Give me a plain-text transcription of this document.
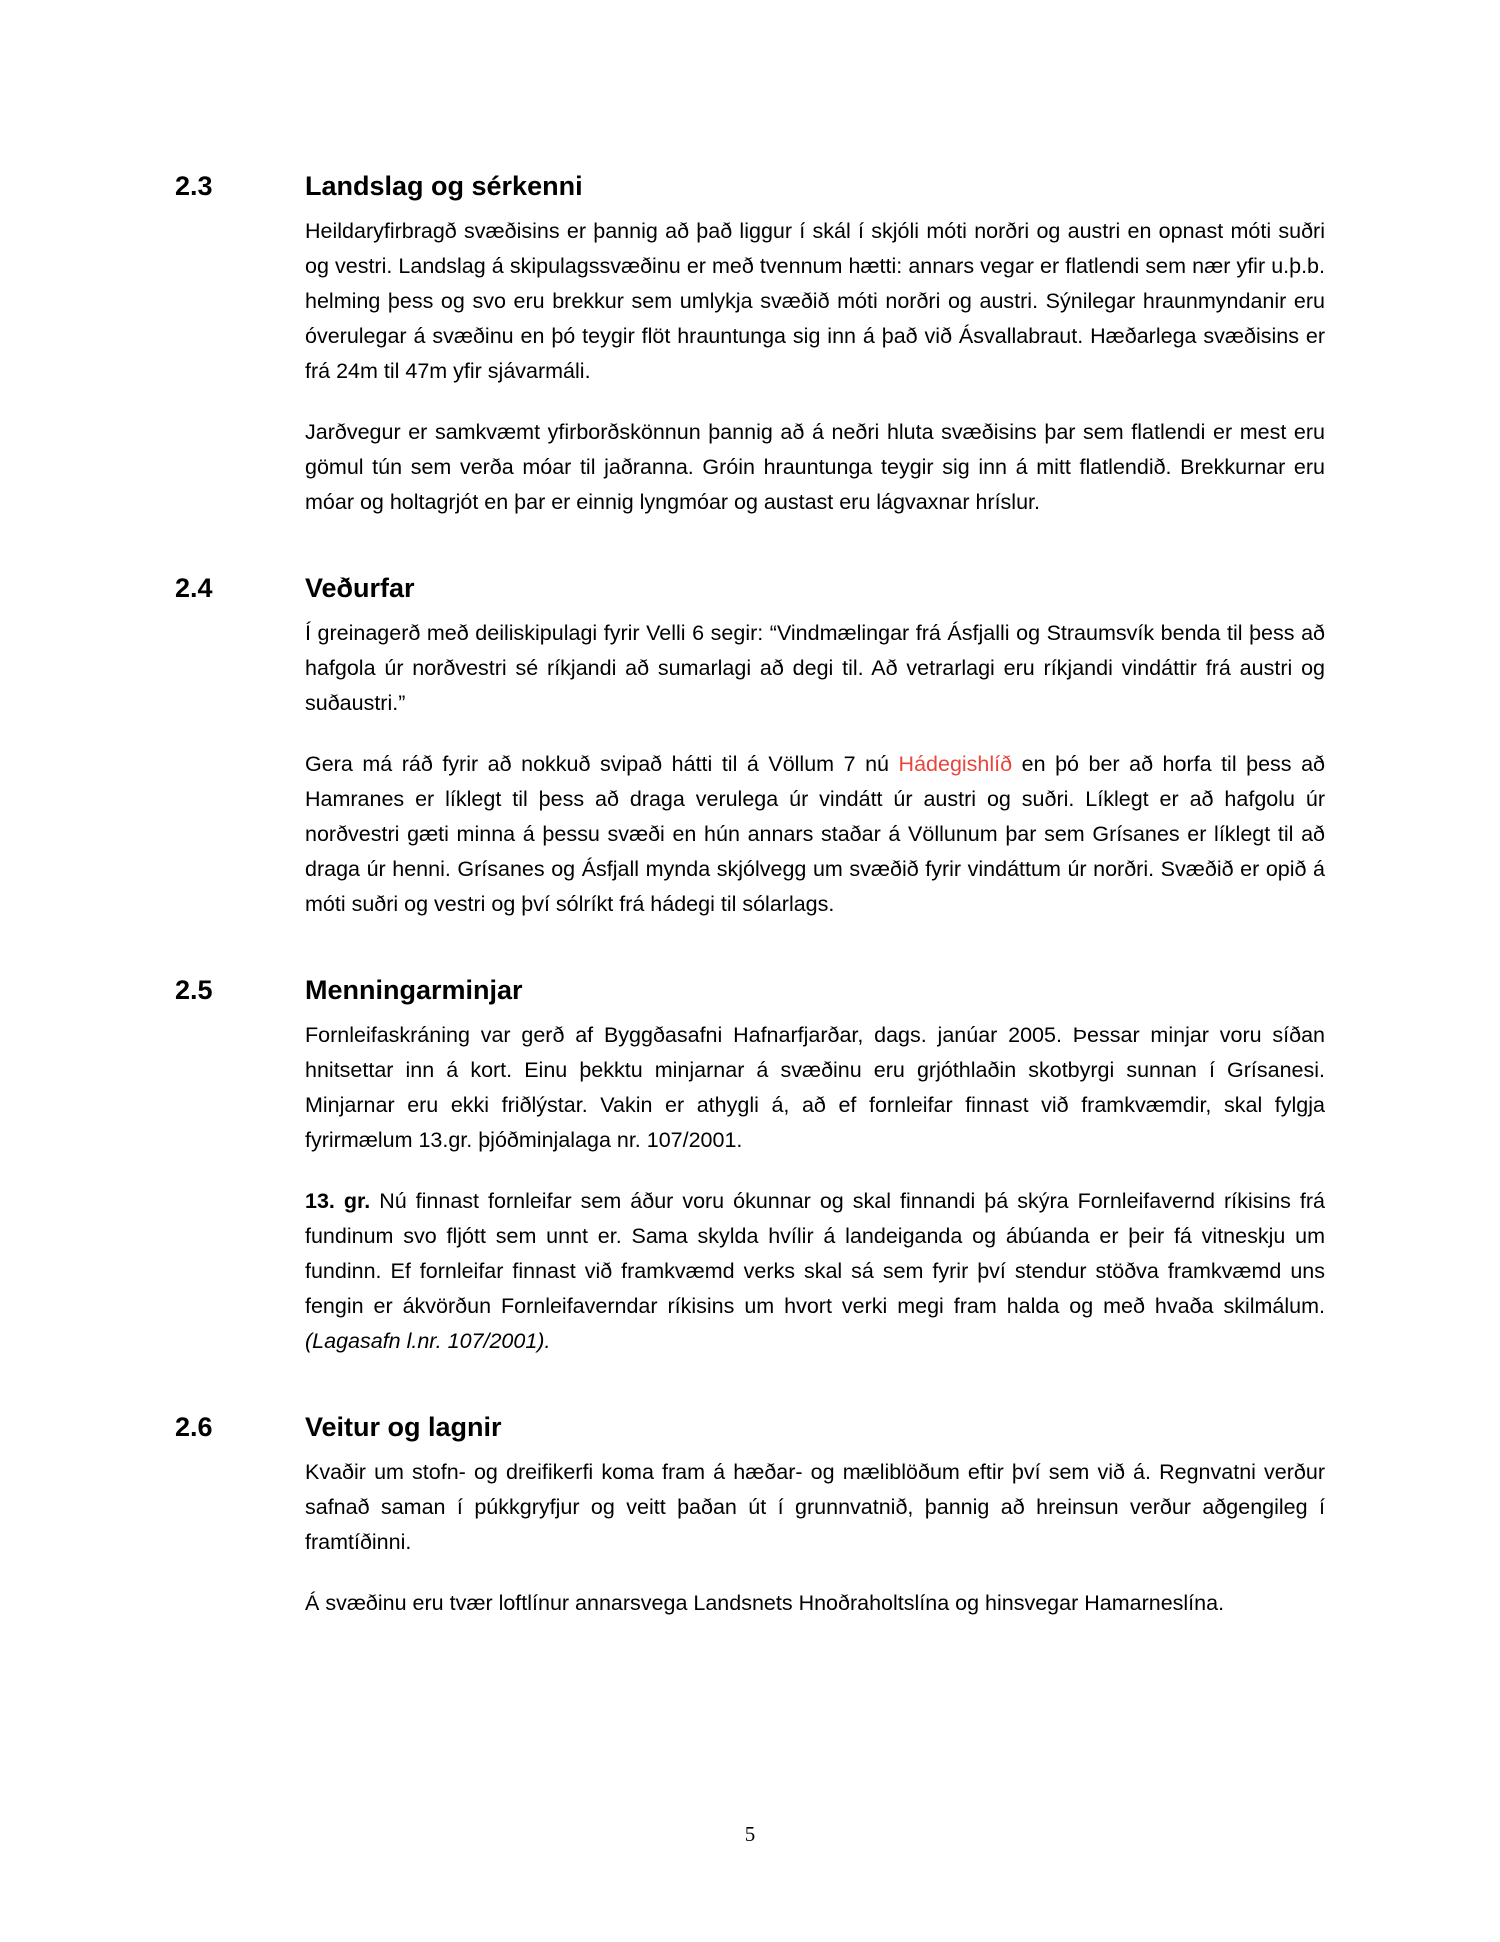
2.3	Landslag og sérkenni

Heildaryfirbragð svæðisins er þannig að það liggur í skál í skjóli móti norðri og austri en opnast móti suðri og vestri. Landslag á skipulagssvæðinu er með tvennum hætti: annars vegar er flatlendi sem nær yfir u.þ.b. helming þess og svo eru brekkur sem umlykja svæðið móti norðri og austri. Sýnilegar hraunmyndanir eru óverulegar á svæðinu en þó teygir flöt hrauntunga sig inn á það við Ásvallabraut. Hæðarlega svæðisins er frá 24m til 47m yfir sjávarmáli.

Jarðvegur er samkvæmt yfirborðskönnun þannig að á neðri hluta svæðisins þar sem flatlendi er mest eru gömul tún sem verða móar til jaðranna. Gróin hrauntunga teygir sig inn á mitt flatlendið. Brekkurnar eru móar og holtagrjót en þar er einnig lyngmóar og austast eru lágvaxnar hríslur.

2.4	Veðurfar

Í greinagerð með deiliskipulagi fyrir Velli 6 segir: “Vindmælingar frá Ásfjalli og Straumsvík benda til þess að hafgola úr norðvestri sé ríkjandi að sumarlagi að degi til. Að vetrarlagi eru ríkjandi vindáttir frá austri og suðaustri.”

Gera má ráð fyrir að nokkuð svipað hátti til á Völlum 7 nú Hádegishlíð en þó ber að horfa til þess að Hamranes er líklegt til þess að draga verulega úr vindátt úr austri og suðri. Líklegt er að hafgolu úr norðvestri gæti minna á þessu svæði en hún annars staðar á Völlunum þar sem Grísanes er líklegt til að draga úr henni. Grísanes og Ásfjall mynda skjólvegg um svæðið fyrir vindáttum úr norðri. Svæðið er opið á móti suðri og vestri og því sólríkt frá hádegi til sólarlags.

2.5	Menningarminjar

Fornleifaskráning var gerð af Byggðasafni Hafnarfjarðar, dags. janúar 2005. Þessar minjar voru síðan hnitsettar inn á kort. Einu þekktu minjarnar á svæðinu eru grjóthlaðin skotbyrgi sunnan í Grísanesi. Minjarnar eru ekki friðlýstar. Vakin er athygli á, að ef fornleifar finnast við framkvæmdir, skal fylgja fyrirmælum 13.gr. þjóðminjalaga nr. 107/2001.

13. gr. Nú finnast fornleifar sem áður voru ókunnar og skal finnandi þá skýra Fornleifavernd ríkisins frá fundinum svo fljótt sem unnt er. Sama skylda hvílir á landeiganda og ábúanda er þeir fá vitneskju um fundinn. Ef fornleifar finnast við framkvæmd verks skal sá sem fyrir því stendur stöðva framkvæmd uns fengin er ákvörðun Fornleifaverndar ríkisins um hvort verki megi fram halda og með hvaða skilmálum. (Lagasafn l.nr. 107/2001).

2.6	Veitur og lagnir

Kvaðir um stofn- og dreifikerfi koma fram á hæðar- og mæliblöðum eftir því sem við á. Regnvatni verður safnað saman í púkkgryfjur og veitt þaðan út í grunnvatnið, þannig að hreinsun verður aðgengileg í framtíðinni.

Á svæðinu eru tvær loftlínur annarsvega Landsnets Hnoðraholtslína og hinsvegar Hamarneslína.

5
